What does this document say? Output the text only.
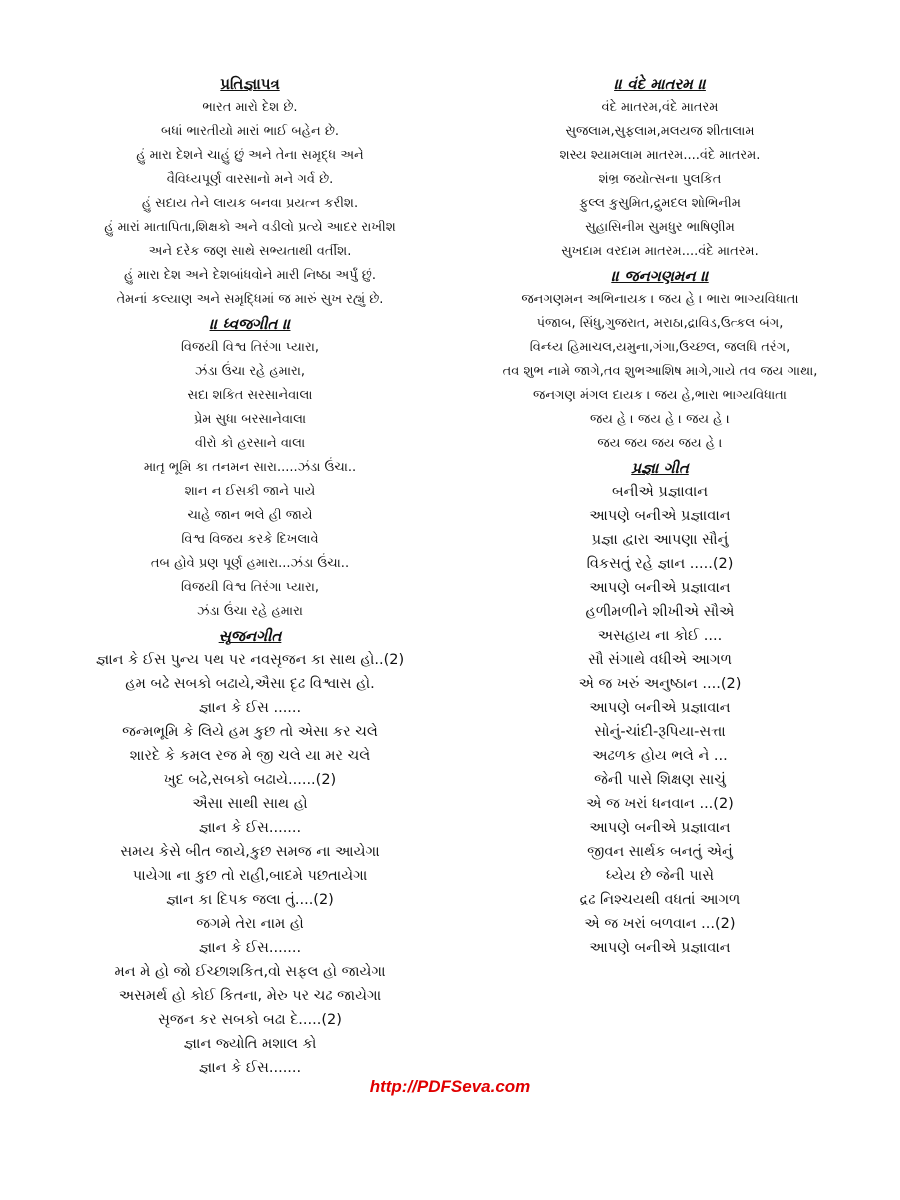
પ્રતિજ્ઞાપત્ર
ભારત મારો દેશ છે.
બધાં ભારતીયો મારાં ભાઈ બહેન છે.
હું મારા દેશને ચાહું છું અને તેના સમૃદ્ધ અને
વૈવિધ્યપૂર્ણ વારસાનો મને ગર્વ છે.
હું સદાય તેને લાયક બનવા પ્રયત્ન કરીશ.
હું મારાં માતાપિતા,શિક્ષકો અને વડીલો પ્રત્યે આદર રાખીશ
અને દરેક જણ સાથે સભ્યતાથી વર્તીશ.
હું મારા દેશ અને દેશબાંધવોને મારી નિષ્ઠા અર્પું છું.
તેમનાં કલ્યાણ અને સમૃદ્ધિમાં જ મારું સુખ રહ્યું છે.
॥ ધ્વજગીત ॥
વિજયી વિશ્વ તિરંગા પ્યારા,
ઝંડા ઉંચા રહે હમારા,
સદા શકિત સરસાનેવાલા
પ્રેમ સુધા બરસાનેવાલા
વીરો કો હરસાને વાલા
માતૃ ભૂમિ કા તનમન સારા.....ઝંડા ઉંચા..
શાન ન ઈસકી જાને પાયે
ચાહે જાન ભલે હી જાયે
વિશ્વ વિજય કરકે દિખલાવે
તબ હોવે પ્રણ પૂર્ણ હમારા...ઝંડા ઉંચા..
વિજયી વિશ્વ તિરંગા પ્યારા,
ઝંડા ઉંચા રહે હમારા
સૃજનગીત
જ્ઞાન કે ઈસ પુન્ય પથ પર નવસૃજન કા સાથ હો..(2)
હમ બઢે સબકો બઢાયે,ઐસા દૃઢ વિશ્વાસ હો.
જ્ઞાન કે ઈસ ......
જન્મભૂમિ કે લિયે હમ કુછ તો એસા કર ચલે
શારદે કે કમલ રજ મે જી ચલે યા મર ચલે
ખુદ બઢે,સબકો બઢાયે......(2)
ઐસા સાથી સાથ હો
જ્ઞાન કે ઈસ.......
સમય કેસે બીત જાયે,કુછ સમજ ના આયેગા
પાયેગા ના કુછ તો રાહી,બાદમે પછતાયેગા
જ્ઞાન કા દિપક જલા તું....(2)
જગમે તેરા નામ હો
જ્ઞાન કે ઈસ.......
મન મે હો જો ઈચ્છાશકિત,વો સફલ હો જાયેગા
અસમર્થ હો કોઈ કિતના, મેરુ પર ચઢ જાયેગા
સૃજન કર સબકો બઢા દે.....(2)
જ્ઞાન જ્યોતિ મશાલ કો
જ્ઞાન કે ઈસ.......
॥ વંદે માતરમ ॥
વંદે માતરમ,વંદે માતરમ
સુજલામ,સુફલામ,મલયજ શીતાલામ
શસ્ય શ્યામલામ માતરમ....વંદે માતરમ.
શંભ્ર જયોત્સના પુલકિત
ફુલ્લ કુસુમિત,દ્રુમદલ શોભિનીમ
સુહાસિનીમ સુમધુર ભાષિણીમ
સુખદામ વરદામ માતરમ....વંદે માતરમ.
॥ જનગણમન ॥
જનગણમન અભિનાયક । જય હે । ભારા ભાગ્યવિધાતા
પંજાબ, સિંધુ,ગુજરાત, મરાઠા,દ્રાવિડ,ઉત્કલ બંગ,
વિન્ધ્ય હિમાચલ,યમુના,ગંગા,ઉચ્છલ, જલધિ તરંગ,
તવ શુભ નામે જાગે,તવ શુભઆશિષ માગે,ગાયે તવ જય ગાથા,
જનગણ મંગલ દાયક । જય હે,ભારા ભાગ્યવિધાતા
જય હે । જય હે । જય હે ।
જય જય જય જય હે ।
પ્રજ્ઞા ગીત
બનીએ પ્રજ્ઞાવાન
આપણે બનીએ પ્રજ્ઞાવાન
પ્રજ્ઞા દ્વારા આપણા સૌનું
વિકસતું રહે જ્ઞાન .....(2)
આપણે બનીએ પ્રજ્ઞાવાન
હળીમળીને શીખીએ સૌએ
અસહાય ના કોઈ ....
સૌ સંગાથે વધીએ આગળ
એ જ ખરું અનુષ્ઠાન ....(2)
આપણે બનીએ પ્રજ્ઞાવાન
સોનું-ચાંદી-રૂપિયા-સત્તા
અઢળક હોય ભલે ને ...
જેની પાસે શિક્ષણ સાચું
એ જ ખરાં ધનવાન ...(2)
આપણે બનીએ પ્રજ્ઞાવાન
જીવન સાર્થક બનતું એનું
ધ્યેય છે જેની પાસે
દ્રઢ નિશ્ચયથી વધતાં આગળ
એ જ ખરાં બળવાન ...(2)
આપણે બનીએ પ્રજ્ઞાવાન
http://PDFSeva.com
